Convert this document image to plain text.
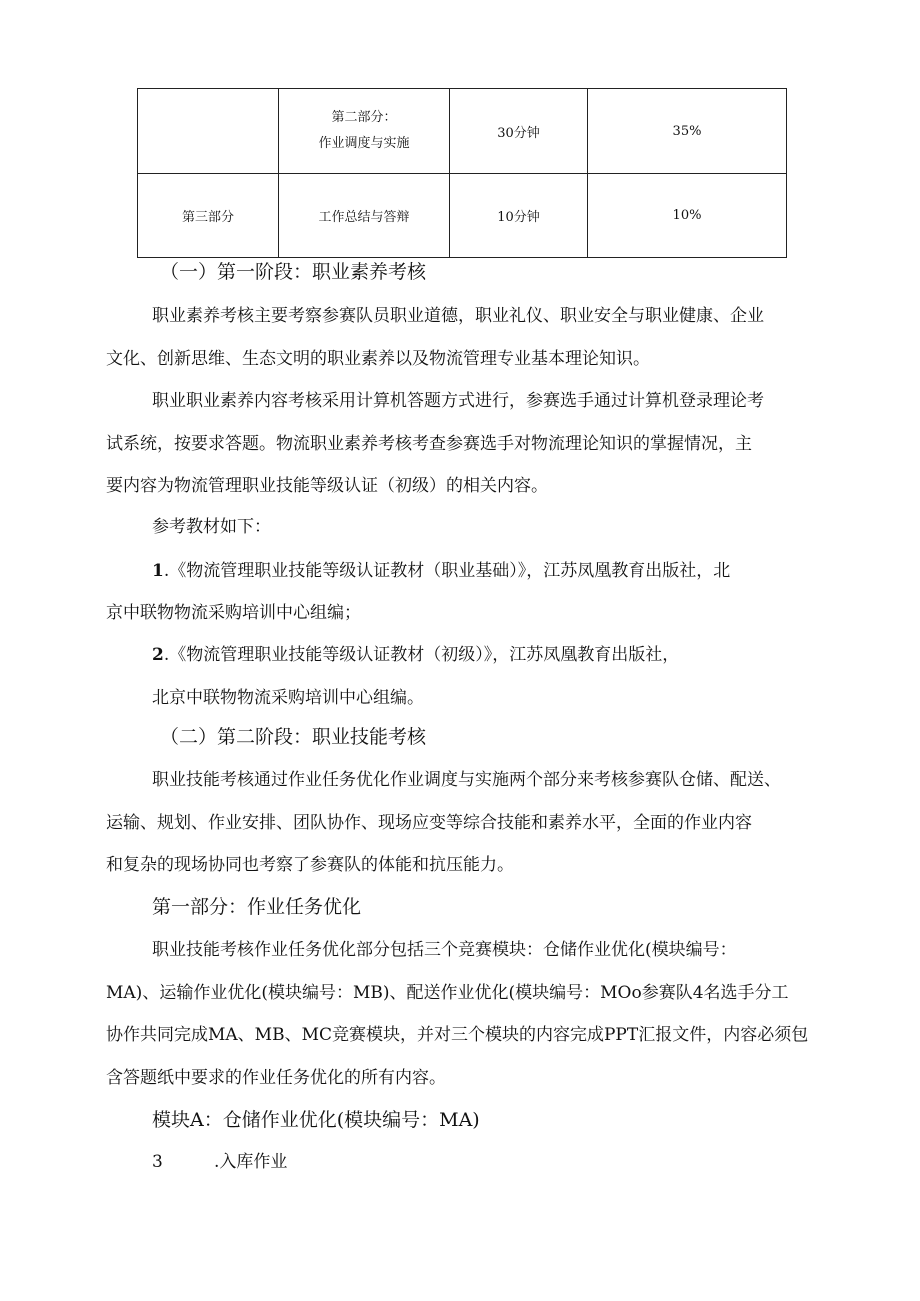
	第二部分：
作业调度与实施	30分钟	35%
第三部分	工作总结与答辩	10分钟	10%
（一）第一阶段：职业素养考核
职业素养考核主要考察参赛队员职业道德，职业礼仪、职业安全与职业健康、企业
文化、创新思维、生态文明的职业素养以及物流管理专业基本理论知识。
职业职业素养内容考核采用计算机答题方式进行，参赛选手通过计算机登录理论考
试系统，按要求答题。物流职业素养考核考查参赛选手对物流理论知识的掌握情况，主
要内容为物流管理职业技能等级认证（初级）的相关内容。
参考教材如下：
1.《物流管理职业技能等级认证教材（职业基础）》，江苏凤凰教育出版社，北
京中联物物流采购培训中心组编；
2.《物流管理职业技能等级认证教材（初级）》，江苏凤凰教育出版社，
北京中联物物流采购培训中心组编。
（二）第二阶段：职业技能考核
职业技能考核通过作业任务优化作业调度与实施两个部分来考核参赛队仓储、配送、
运输、规划、作业安排、团队协作、现场应变等综合技能和素养水平，全面的作业内容
和复杂的现场协同也考察了参赛队的体能和抗压能力。
第一部分：作业任务优化
职业技能考核作业任务优化部分包括三个竞赛模块：仓储作业优化(模块编号：
MA)、运输作业优化(模块编号：MB)、配送作业优化(模块编号：MOo参赛队4名选手分工
协作共同完成MA、MB、MC竞赛模块，并对三个模块的内容完成PPT汇报文件，内容必须包
含答题纸中要求的作业任务优化的所有内容。
模块A：仓储作业优化(模块编号：MA)
3	.入库作业
